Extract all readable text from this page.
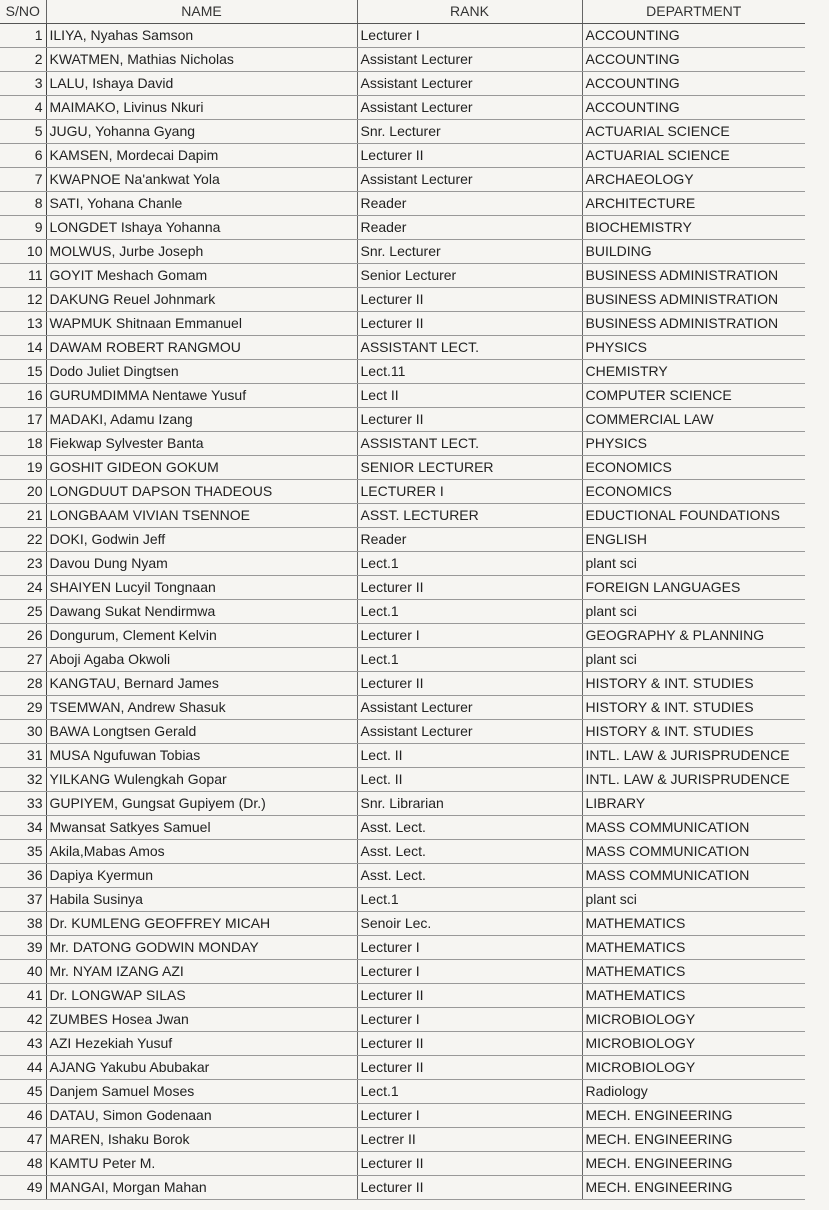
S/NO	NAME	RANK	DEPARTMENT
1	ILIYA, Nyahas Samson	Lecturer I	ACCOUNTING
2	KWATMEN, Mathias Nicholas	Assistant Lecturer	ACCOUNTING
3	LALU, Ishaya David	Assistant Lecturer	ACCOUNTING
4	MAIMAKO, Livinus Nkuri	Assistant Lecturer	ACCOUNTING
5	JUGU, Yohanna Gyang	Snr. Lecturer	ACTUARIAL SCIENCE
6	KAMSEN, Mordecai Dapim	Lecturer II	ACTUARIAL SCIENCE
7	KWAPNOE Na'ankwat Yola	Assistant Lecturer	ARCHAEOLOGY
8	SATI, Yohana Chanle	Reader	ARCHITECTURE
9	LONGDET Ishaya Yohanna	Reader	BIOCHEMISTRY
10	MOLWUS, Jurbe Joseph	Snr. Lecturer	BUILDING
11	GOYIT Meshach Gomam	Senior Lecturer	BUSINESS ADMINISTRATION
12	DAKUNG Reuel Johnmark	Lecturer II	BUSINESS ADMINISTRATION
13	WAPMUK Shitnaan Emmanuel	Lecturer II	BUSINESS ADMINISTRATION
14	DAWAM ROBERT RANGMOU	ASSISTANT LECT.	PHYSICS
15	Dodo Juliet Dingtsen	Lect.11	CHEMISTRY
16	GURUMDIMMA Nentawe Yusuf	Lect II	COMPUTER SCIENCE
17	MADAKI, Adamu Izang	Lecturer II	COMMERCIAL LAW
18	Fiekwap Sylvester Banta	ASSISTANT LECT.	PHYSICS
19	GOSHIT GIDEON GOKUM	SENIOR LECTURER	ECONOMICS
20	LONGDUUT DAPSON THADEOUS	LECTURER I	ECONOMICS
21	LONGBAAM VIVIAN TSENNOE	ASST. LECTURER	EDUCTIONAL FOUNDATIONS
22	DOKI, Godwin Jeff	Reader	ENGLISH
23	Davou Dung Nyam	Lect.1	plant sci
24	SHAIYEN Lucyil Tongnaan	Lecturer II	FOREIGN LANGUAGES
25	Dawang Sukat Nendirmwa	Lect.1	plant sci
26	Dongurum, Clement Kelvin	Lecturer I	GEOGRAPHY & PLANNING
27	Aboji Agaba Okwoli	Lect.1	plant sci
28	KANGTAU, Bernard James	Lecturer II	HISTORY & INT. STUDIES
29	TSEMWAN, Andrew Shasuk	Assistant Lecturer	HISTORY & INT. STUDIES
30	BAWA Longtsen Gerald	Assistant Lecturer	HISTORY & INT. STUDIES
31	MUSA Ngufuwan Tobias	Lect. II	INTL. LAW & JURISPRUDENCE
32	YILKANG Wulengkah Gopar	Lect. II	INTL. LAW & JURISPRUDENCE
33	GUPIYEM, Gungsat Gupiyem (Dr.)	Snr. Librarian	LIBRARY
34	Mwansat Satkyes Samuel	Asst. Lect.	MASS COMMUNICATION
35	Akila,Mabas Amos	Asst. Lect.	MASS COMMUNICATION
36	Dapiya Kyermun	Asst. Lect.	MASS COMMUNICATION
37	Habila Susinya	Lect.1	plant sci
38	Dr. KUMLENG GEOFFREY MICAH	Senoir Lec.	MATHEMATICS
39	Mr. DATONG GODWIN MONDAY	Lecturer I	MATHEMATICS
40	Mr. NYAM IZANG AZI	Lecturer I	MATHEMATICS
41	Dr. LONGWAP SILAS	Lecturer II	MATHEMATICS
42	ZUMBES Hosea Jwan	Lecturer I	MICROBIOLOGY
43	AZI Hezekiah Yusuf	Lecturer II	MICROBIOLOGY
44	AJANG Yakubu Abubakar	Lecturer II	MICROBIOLOGY
45	Danjem Samuel Moses	Lect.1	Radiology
46	DATAU, Simon Godenaan	Lecturer I	MECH. ENGINEERING
47	MAREN, Ishaku Borok	Lectrer II	MECH. ENGINEERING
48	KAMTU Peter M.	Lecturer II	MECH. ENGINEERING
49	MANGAI, Morgan Mahan	Lecturer II	MECH. ENGINEERING
